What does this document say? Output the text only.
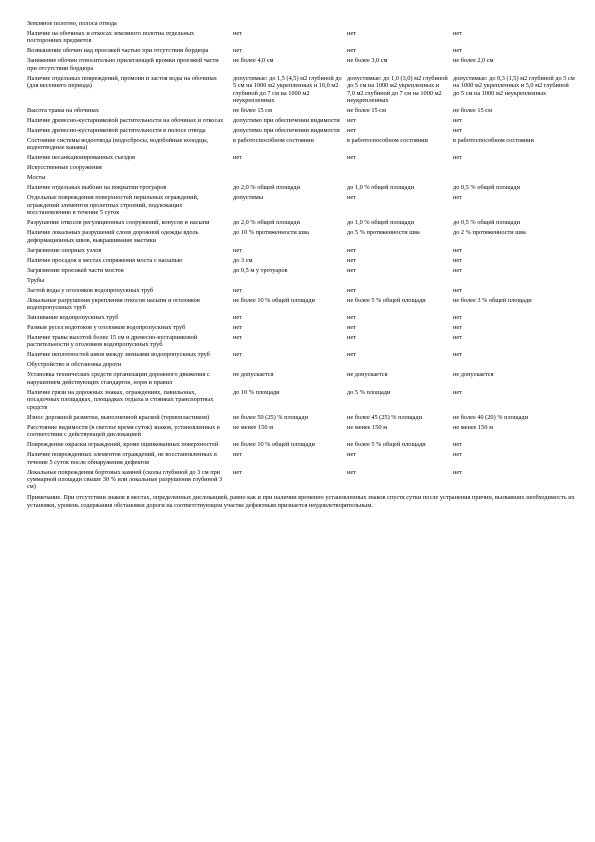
Земляное полотно, полоса отвода			
Наличие на обочинах и откосах земляного полотна отдельных посторонних предметов	нет	нет	нет
Возвышение обочин над проезжей частью при отсутствии бордюра	нет	нет	нет
Занижение обочин относительно прилегающей кромки проезжей части при отсутствии бордюра	не более 4,0 см	не более 3,0 см	не более 2,0 см
Наличие отдельных повреждений, промоин и застоя воды на обочинах (для весеннего периода)	допустимые: до 1,5 (4,5) м2 глубиной до 5 см на 1000 м2 укрепленных и 10,0 м2 глубиной до 7 см на 1000 м2 неукрепленных	допустимые: до 1,0 (3,0) м2 глубиной до 5 см на 1000 м2 укрепленных и 7,0 м2 глубиной до 7 см на 1000 м2 неукрепленных	допустимые: до 0,3 (1,5) м2 глубиной до 5 см на 1000 м2 укрепленных и 5,0 м2 глубиной до 5 см на 1000 м2 неукрепленных
Высота травы на обочинах	не более 15 см	не более 15 см	не более 15 см
Наличие древесно-кустарниковой растительности на обочинах и откосах	допустимо при обеспечении видимости	нет	нет
Наличие древесно-кустарниковой растительности в полосе отвода	допустимо при обеспечении видимости	нет	нет
Состояние системы водоотвода (водосбросы, водобойные колодцы, водоотводные канавы)	в работоспособном состоянии	в работоспособном состоянии	в работоспособном состоянии
Наличие несанкционированных съездов	нет	нет	нет
Искусственные сооружения			
Мосты			
Наличие отдельных выбоин на покрытии тротуаров	до 2,0 % общей площади	до 1,0 % общей площади	до 0,5 % общей площади
Отдельные повреждения поверхностей перильных ограждений, ограждений элементов пролетных строений, подлежащих восстановлению в течение 5 суток	допустимы	нет	нет
Разрушение откосов регуляционных сооружений, конусов и насыпи	до 2,0 % общей площади	до 1,0 % общей площади	до 0,5 % общей площади
Наличие локальных разрушений слоев дорожной одежды вдоль деформационных швов, выкрашивание мастики	до 10 % протяженности шва	до 5 % протяженности шва	до 2 % протяженности шва
Загрязнение опорных узлов	нет	нет	нет
Наличие просадок в местах сопряжения моста с насыпью	до 3 см	нет	нет
Загрязнение проезжей части мостов	до 0,5 м у тротуаров	нет	нет
Трубы			
Застой воды у оголовков водопропускных труб	нет	нет	нет
Локальные разрушения укрепления откосов насыпи и оголовков водопропускных труб	не более 10 % общей площади	не более 5 % общей площади	не более 3 % общей площади
Заиливание водопропускных труб	нет	нет	нет
Размыв русел водотоков у оголовков водопропускных труб	нет	нет	нет
Наличие травы высотой более 15 см и древесно-кустарниковой растительности у оголовков водопропускных труб	нет	нет	нет
Наличие неплотностей швов между звеньями водопропускных труб	нет	нет	нет
Обустройство и обстановка дороги			
Установка технических средств организации дорожного движения с нарушением действующих стандартов, норм и правил	не допускается	не допускается	не допускается
Наличие грязи на дорожных знаках, ограждениях, павильонах, посадочных площадках, площадках отдыха и стоянках транспортных средств	до 10 % площади	до 5 % площади	нет
Износ дорожной разметки, выполненной краской (термопластиком)	не более 50 (25) % площади	не более 45 (25) % площади	не более 40 (20) % площади
Расстояние видимости (в светлое время суток) знаков, установленных в соответствии с действующей дислокацией	не менее 150 м	не менее 150 м	не менее 150 м
Повреждение окраски ограждений, кроме оцинкованных поверхностей	не более 10 % общей площади	не более 5 % общей площади	нет
Наличие поврежденных элементов ограждений, не восстановленных в течение 5 суток после обнаружения дефектов	нет	нет	нет
Локальные повреждения бортовых камней (сколы глубиной до 3 см при суммарной площади свыше 30 % или локальные разрушения глубиной 3 см)	нет	нет	нет
Примечание. При отсутствии знаков в местах, определенных дислокацией, равно как и при наличии временно установленных знаков спустя сутки после устранения причин, вызвавших необходимость их установки, уровень содержания обстановки дороги на соответствующем участке дефектным признается неудовлетворительным.
